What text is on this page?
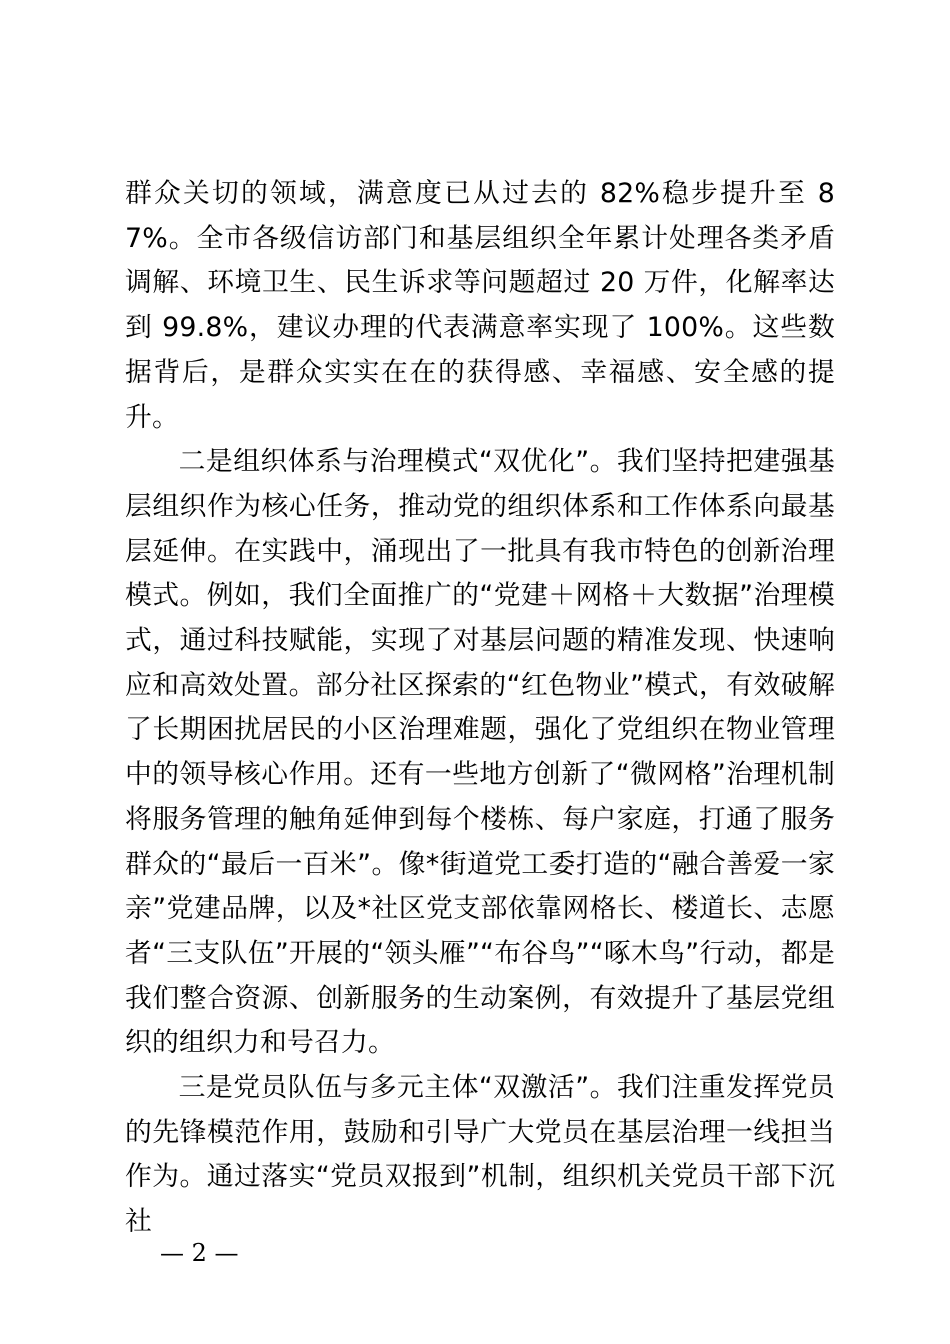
群众关切的领域，满意度已从过去的 82%稳步提升至 87%。全市各级信访部门和基层组织全年累计处理各类矛盾调解、环境卫生、民生诉求等问题超过 20 万件，化解率达到 99.8%，建议办理的代表满意率实现了 100%。这些数据背后，是群众实实在在的获得感、幸福感、安全感的提升。

二是组织体系与治理模式“双优化”。我们坚持把建强基层组织作为核心任务，推动党的组织体系和工作体系向最基层延伸。在实践中，涌现出了一批具有我市特色的创新治理模式。例如，我们全面推广的“党建＋网格＋大数据”治理模式，通过科技赋能，实现了对基层问题的精准发现、快速响应和高效处置。部分社区探索的“红色物业”模式，有效破解了长期困扰居民的小区治理难题，强化了党组织在物业管理中的领导核心作用。还有一些地方创新了“微网格”治理机制将服务管理的触角延伸到每个楼栋、每户家庭，打通了服务群众的“最后一百米”。像*街道党工委打造的“融合善爱一家亲”党建品牌，以及*社区党支部依靠网格长、楼道长、志愿者“三支队伍”开展的“领头雁”“布谷鸟”“啄木鸟”行动，都是我们整合资源、创新服务的生动案例，有效提升了基层党组织的组织力和号召力。

三是党员队伍与多元主体“双激活”。我们注重发挥党员的先锋模范作用，鼓励和引导广大党员在基层治理一线担当作为。通过落实“党员双报到”机制，组织机关党员干部下沉社

— 2 —
